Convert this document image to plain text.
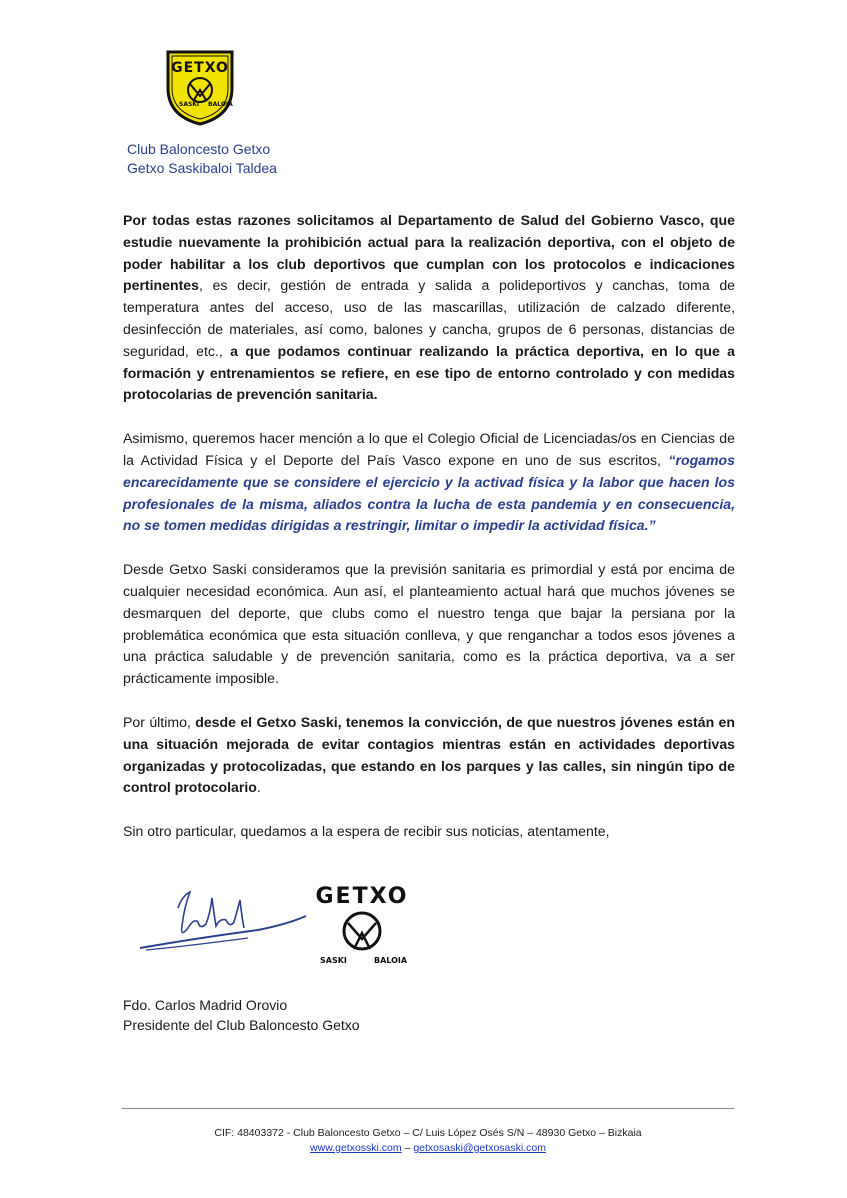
GETXO
SASKI BALOIA
Club Baloncesto Getxo
Getxo Saskibaloi Taldea

Por todas estas razones solicitamos al Departamento de Salud del Gobierno Vasco, que estudie nuevamente la prohibición actual para la realización deportiva, con el objeto de poder habilitar a los club deportivos que cumplan con los protocolos e indicaciones pertinentes, es decir, gestión de entrada y salida a polideportivos y canchas, toma de temperatura antes del acceso, uso de las mascarillas, utilización de calzado diferente, desinfección de materiales, así como, balones y cancha, grupos de 6 personas, distancias de seguridad, etc., a que podamos continuar realizando la práctica deportiva, en lo que a formación y entrenamientos se refiere, en ese tipo de entorno controlado y con medidas protocolarias de prevención sanitaria.

Asimismo, queremos hacer mención a lo que el Colegio Oficial de Licenciadas/os en Ciencias de la Actividad Física y el Deporte del País Vasco expone en uno de sus escritos, “rogamos encarecidamente que se considere el ejercicio y la activad física y la labor que hacen los profesionales de la misma, aliados contra la lucha de esta pandemia y en consecuencia, no se tomen medidas dirigidas a restringir, limitar o impedir la actividad física.”

Desde Getxo Saski consideramos que la previsión sanitaria es primordial y está por encima de cualquier necesidad económica. Aun así, el planteamiento actual hará que muchos jóvenes se desmarquen del deporte, que clubs como el nuestro tenga que bajar la persiana por la problemática económica que esta situación conlleva, y que renganchar a todos esos jóvenes a una práctica saludable y de prevención sanitaria, como es la práctica deportiva, va a ser prácticamente imposible.

Por último, desde el Getxo Saski, tenemos la convicción, de que nuestros jóvenes están en una situación mejorada de evitar contagios mientras están en actividades deportivas organizadas y protocolizadas, que estando en los parques y las calles, sin ningún tipo de control protocolario.

Sin otro particular, quedamos a la espera de recibir sus noticias, atentamente,

GETXO
SASKI	BALOIA
Fdo. Carlos Madrid Orovio
Presidente del Club Baloncesto Getxo
CIF: 48403372 - Club Baloncesto Getxo – C/ Luis López Osés S/N – 48930 Getxo – Bizkaia
www.getxosski.com – getxosaski@getxosaski.com
